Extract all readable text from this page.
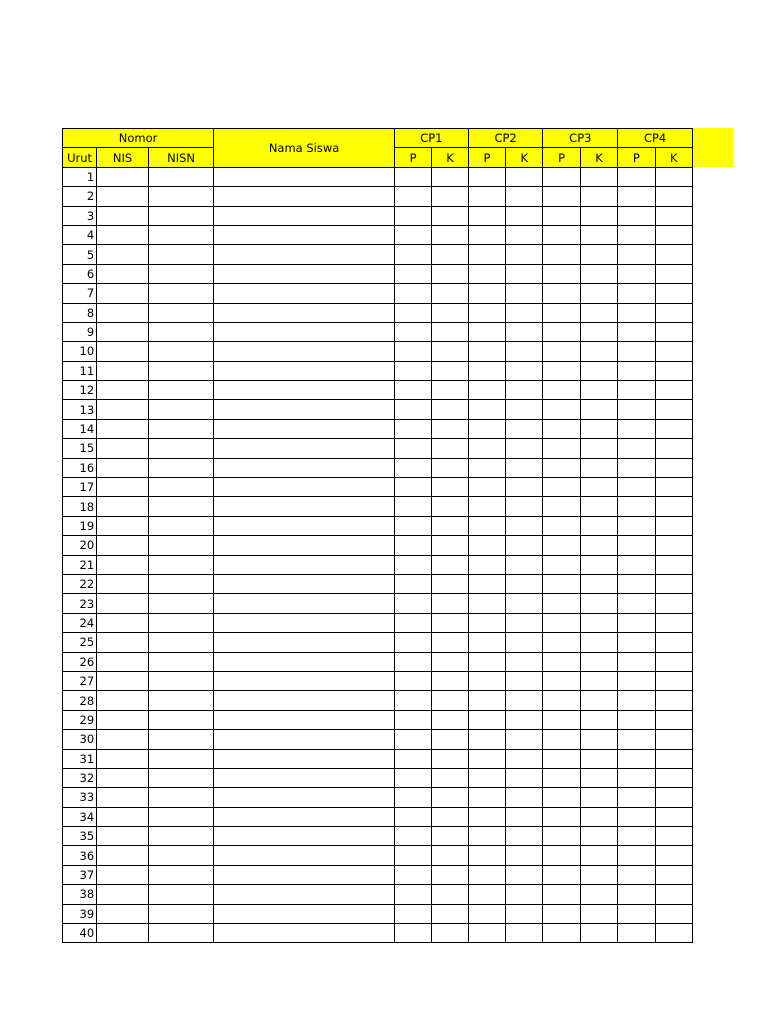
Nomor			Nama Siswa	CP1		CP2		CP3		CP4	
Urut	NIS	NISN		P	K	P	K	P	K	P	K
1											
2											
3											
4											
5											
6											
7											
8											
9											
10											
11											
12											
13											
14											
15											
16											
17											
18											
19											
20											
21											
22											
23											
24											
25											
26											
27											
28											
29											
30											
31											
32											
33											
34											
35											
36											
37											
38											
39											
40											
